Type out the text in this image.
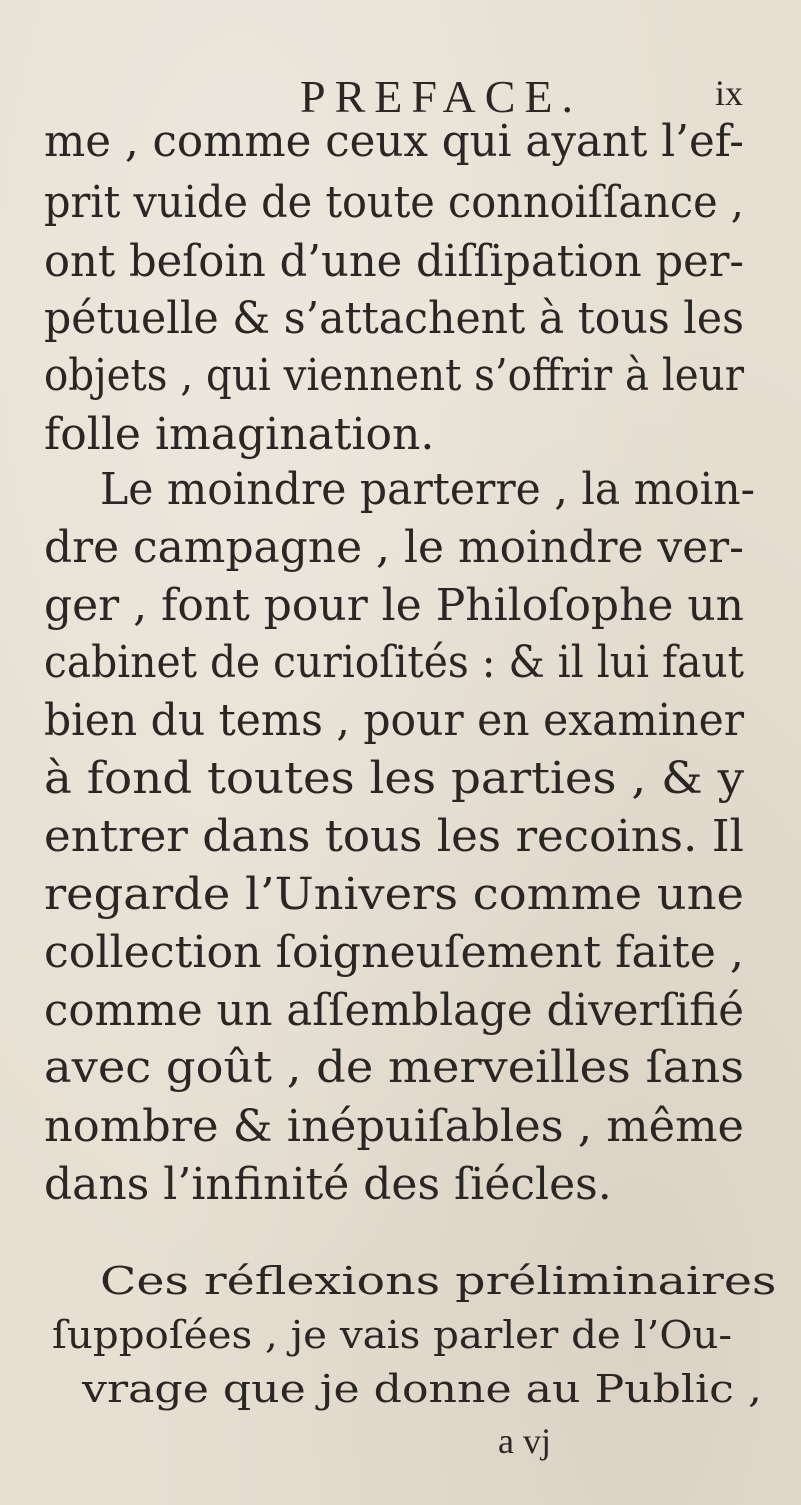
PREFACE.	ix
me , comme ceux qui ayant l’ef-
prit vuide de toute connoiſſance ,
ont beſoin d’une diſſipation per-
pétuelle & s’attachent à tous les
objets , qui viennent s’offrir à leur
folle imagination.
Le moindre parterre , la moin-
dre campagne , le moindre ver-
ger , font pour le Philoſophe un
cabinet de curioſités : & il lui faut
bien du tems , pour en examiner
à fond toutes les parties , & y
entrer dans tous les recoins. Il
regarde l’Univers comme une
collection ſoigneuſement faite ,
comme un aſſemblage diverſifié
avec goût , de merveilles ſans
nombre & inépuiſables , même
dans l’infinité des ſiécles.
Ces réflexions préliminaires
ſuppoſées , je vais parler de l’Ou-
vrage que je donne au Public ,
a vj
